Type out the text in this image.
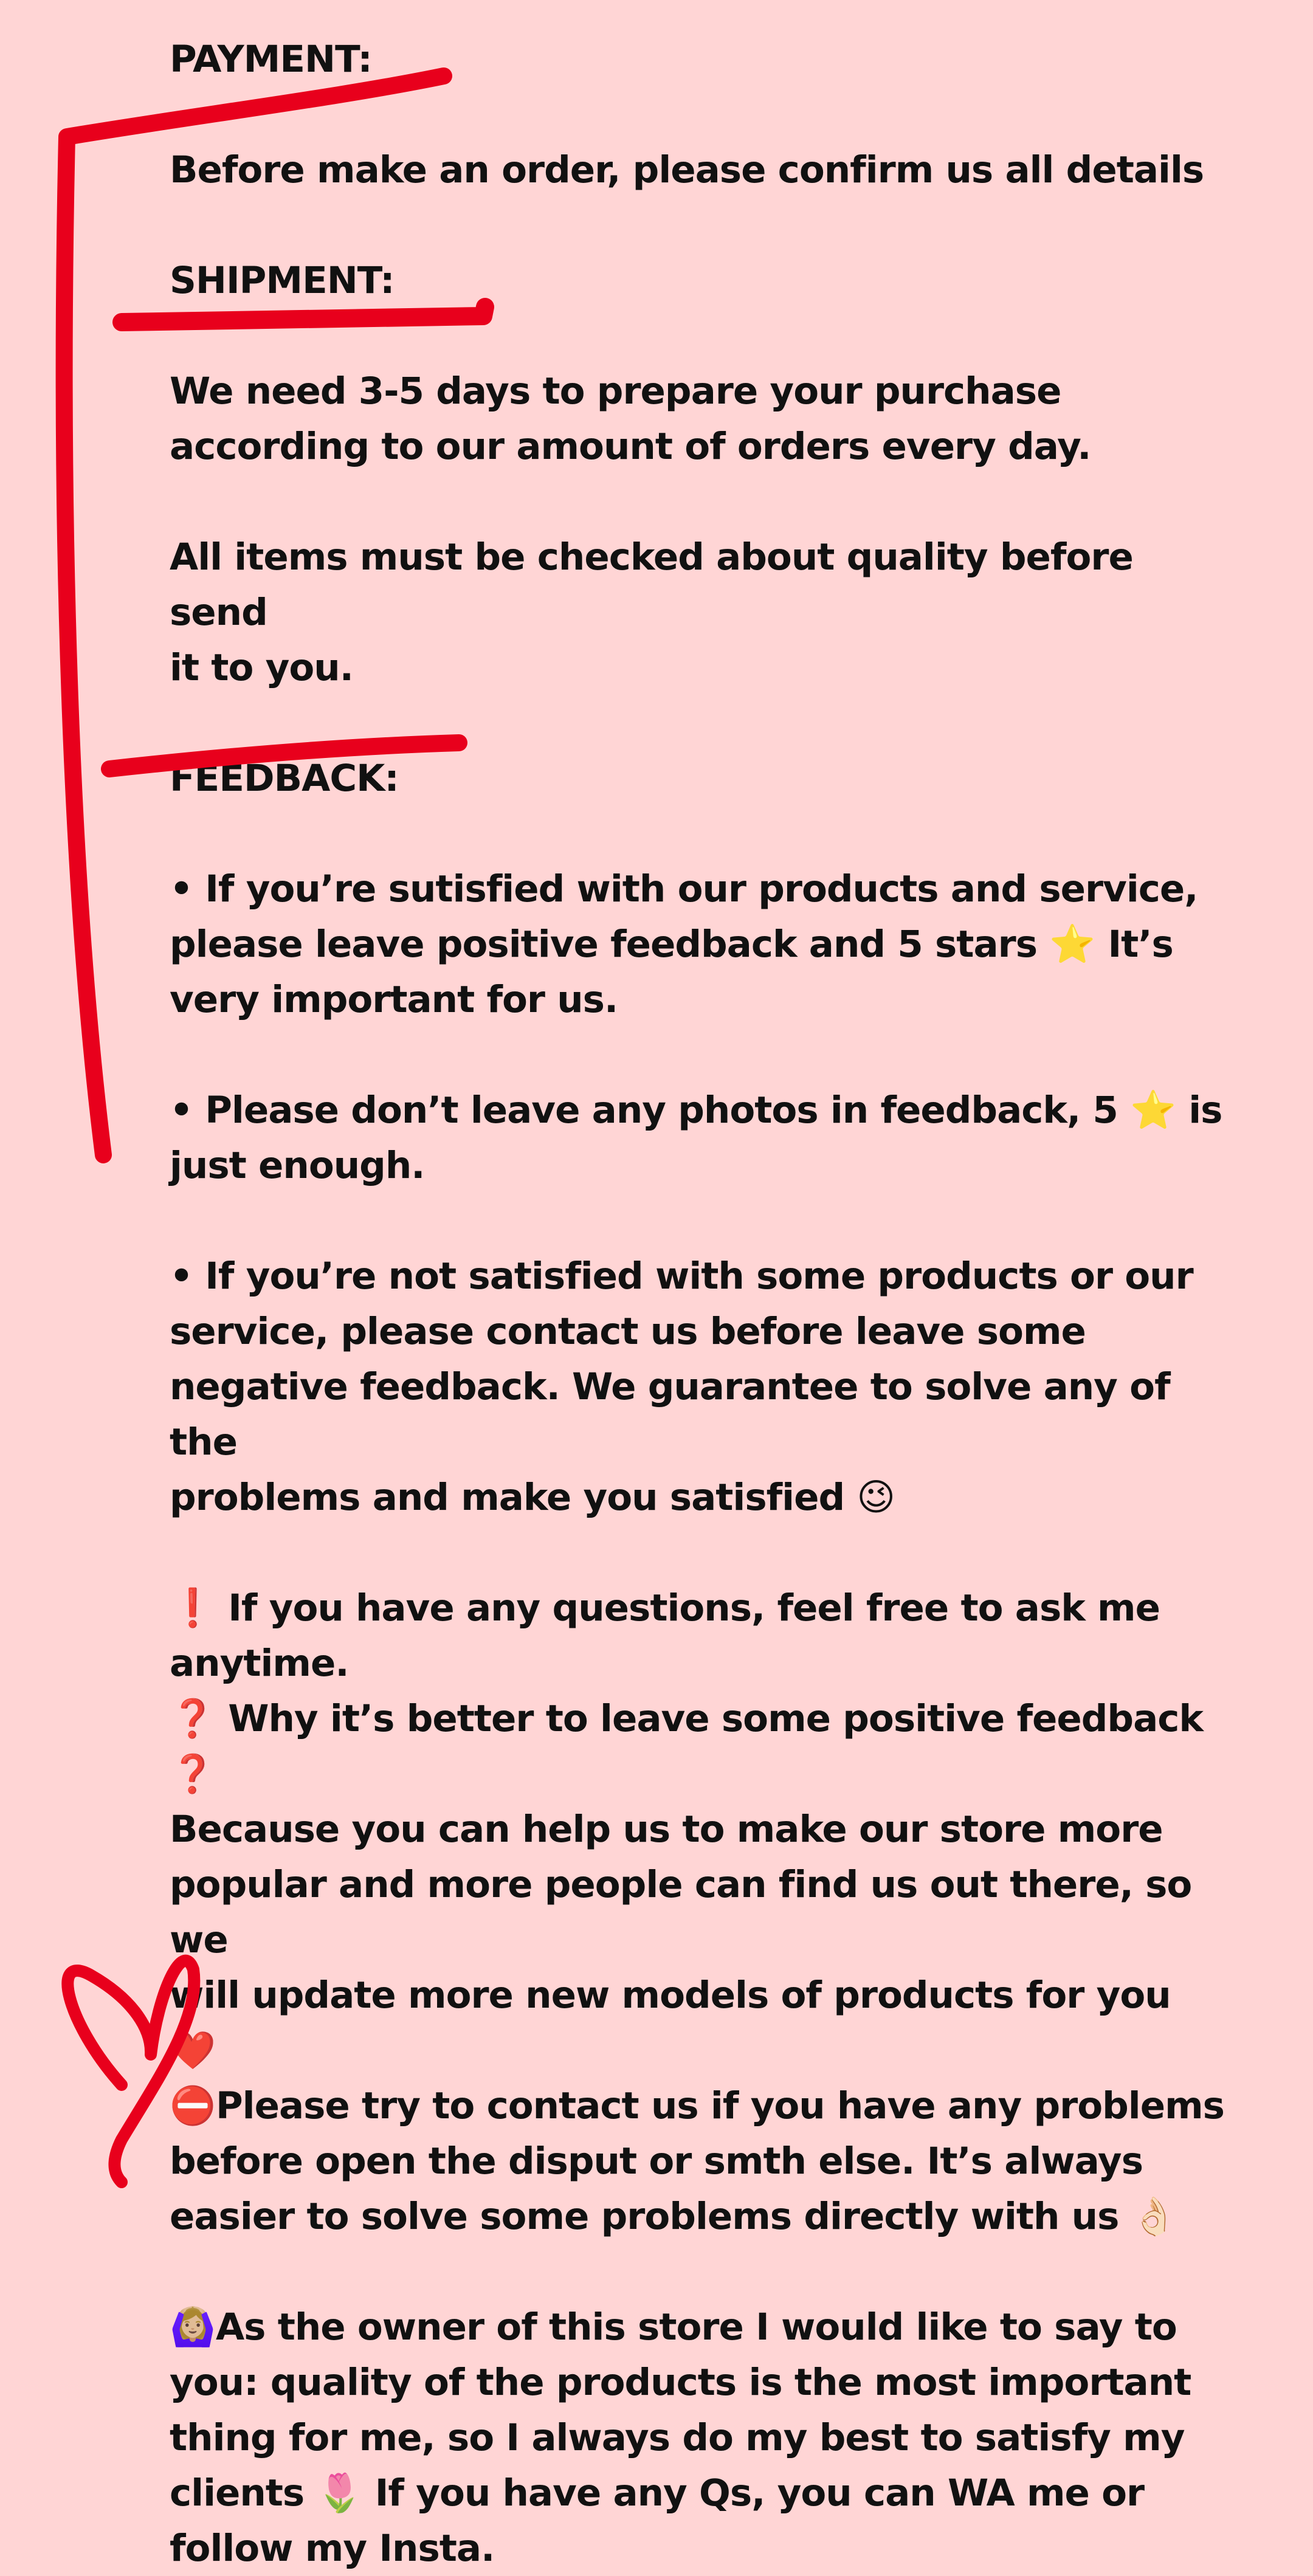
PAYMENT:
Before make an order, please confirm us all details
SHIPMENT:
We need 3-5 days to prepare your purchase
according to our amount of orders every day.
All items must be checked about quality before send
it to you.
FEEDBACK:
• If you’re sutisfied with our products and service,
please leave positive feedback and 5 stars ⭐ It’s
very important for us.
• Please don’t leave any photos in feedback, 5 ⭐ is
just enough.
• If you’re not satisfied with some products or our
service, please contact us before leave some
negative feedback. We guarantee to solve any of the
problems and make you satisfied 😉
❗ If you have any questions, feel free to ask me
anytime.
❓ Why it’s better to leave some positive feedback ❓
Because you can help us to make our store more
popular and more people can find us out there, so we
will update more new models of products for you ❤️
⛔Please try to contact us if you have any problems
before open the disput or smth else. It’s always
easier to solve some problems directly with us 👌🏻
🙆🏼‍♀️As the owner of this store I would like to say to
you: quality of the products is the most important
thing for me, so I always do my best to satisfy my
clients 🌷 If you have any Qs, you can WA me or
follow my Insta.
